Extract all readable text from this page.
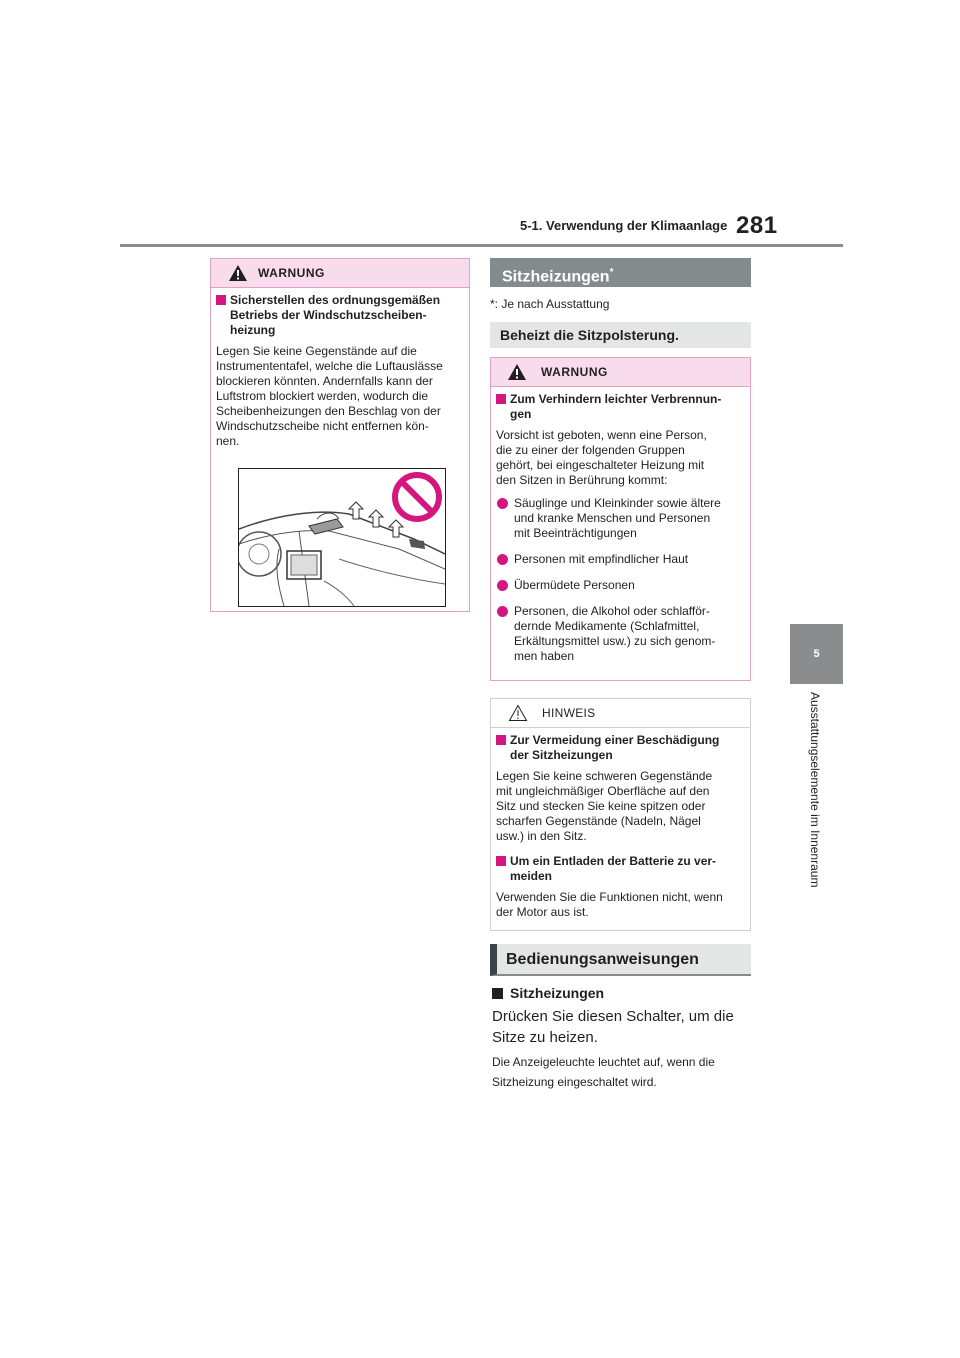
5-1. Verwendung der Klimaanlage 281
5
Ausstattungselemente im Innenraum
WARNUNG
Sicherstellen des ordnungsgemäßen
Betriebs der Windschutzscheiben-
heizung
Legen Sie keine Gegenstände auf die
Instrumententafel, welche die Luftauslässe
blockieren könnten. Andernfalls kann der
Luftstrom blockiert werden, wodurch die
Scheibenheizungen den Beschlag von der
Windschutzscheibe nicht entfernen kön-
nen.
*: Je nach Ausstattung
Sitzheizungen*
Beheizt die Sitzpolsterung.
WARNUNG
Zum Verhindern leichter Verbrennun-
gen
Vorsicht ist geboten, wenn eine Person,
die zu einer der folgenden Gruppen
gehört, bei eingeschalteter Heizung mit
den Sitzen in Berührung kommt:
Säuglinge und Kleinkinder sowie ältere
und kranke Menschen und Personen
mit Beeinträchtigungen
Personen mit empfindlicher Haut
Übermüdete Personen
Personen, die Alkohol oder schlafför-
dernde Medikamente (Schlafmittel,
Erkältungsmittel usw.) zu sich genom-
men haben
HINWEIS
Zur Vermeidung einer Beschädigung
der Sitzheizungen
Legen Sie keine schweren Gegenstände
mit ungleichmäßiger Oberfläche auf den
Sitz und stecken Sie keine spitzen oder
scharfen Gegenstände (Nadeln, Nägel
usw.) in den Sitz.
Um ein Entladen der Batterie zu ver-
meiden
Verwenden Sie die Funktionen nicht, wenn
der Motor aus ist.
Bedienungsanweisungen
Sitzheizungen
Drücken Sie diesen Schalter, um die
Sitze zu heizen.
Die Anzeigeleuchte leuchtet auf, wenn die
Sitzheizung eingeschaltet wird.
